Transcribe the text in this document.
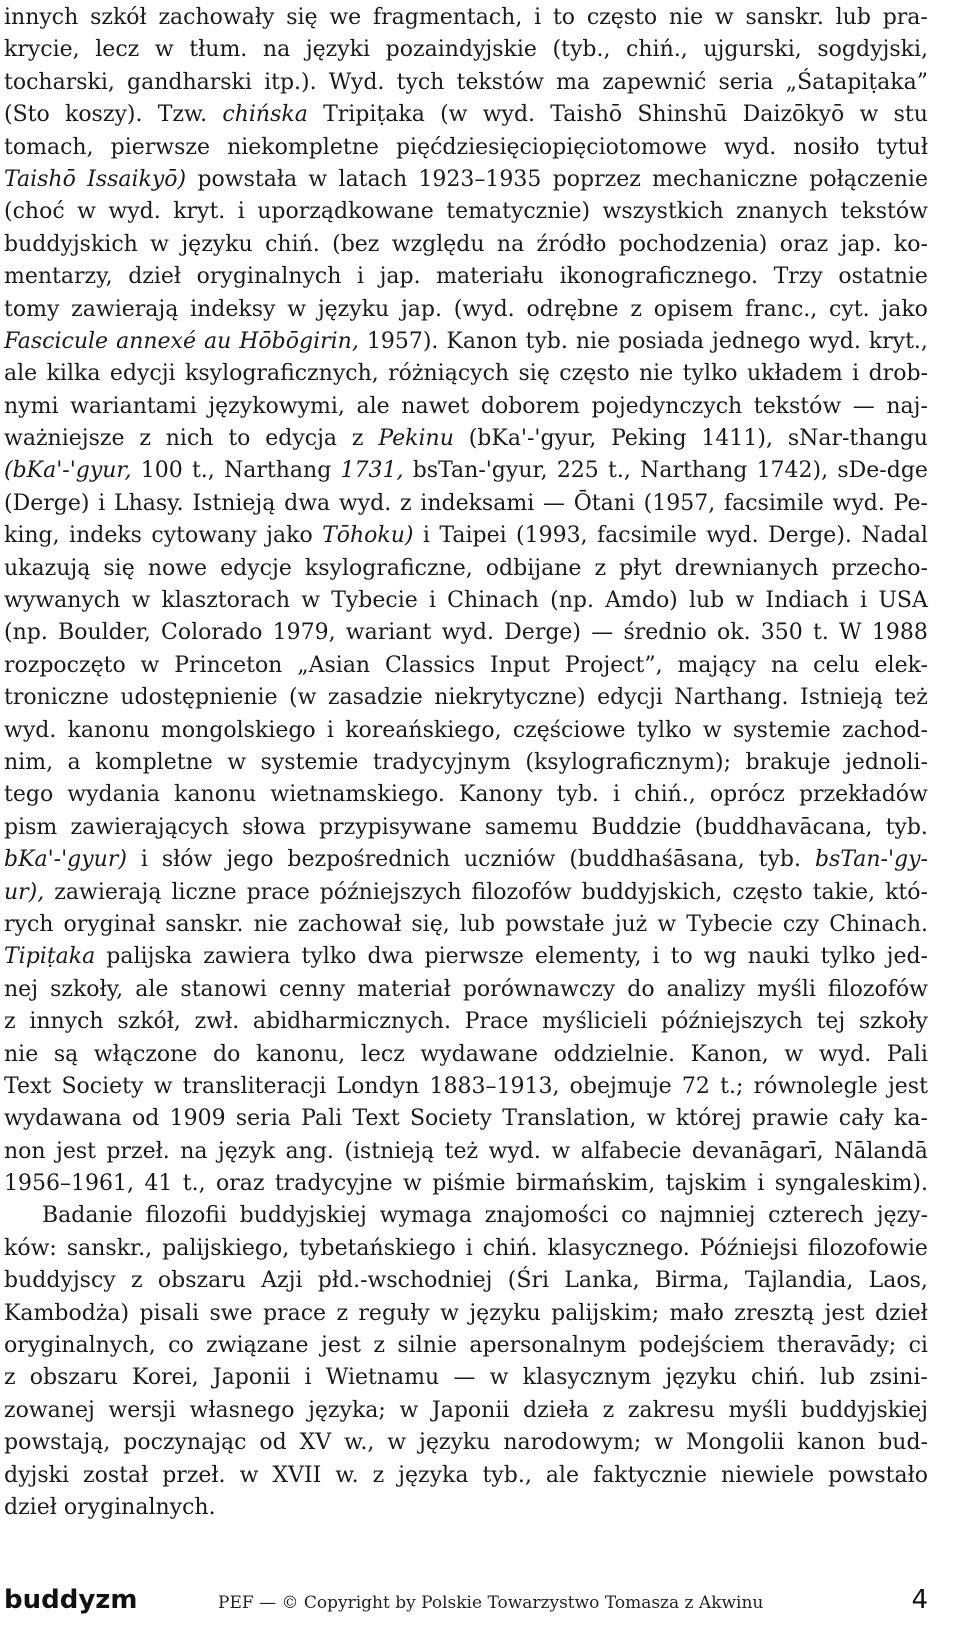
innych szkół zachowały się we fragmentach, i to często nie w sanskr. lub pra-
krycie, lecz w tłum. na języki pozaindyjskie (tyb., chiń., ujgurski, sogdyjski,
tocharski, gandharski itp.). Wyd. tych tekstów ma zapewnić seria „Śatapiṭaka”
(Sto koszy). Tzw. chińska Tripiṭaka (w wyd. Taishō Shinshū Daizōkyō w stu
tomach, pierwsze niekompletne pięćdziesięciopięciotomowe wyd. nosiło tytuł
Taishō Issaikyō) powstała w latach 1923–1935 poprzez mechaniczne połączenie
(choć w wyd. kryt. i uporządkowane tematycznie) wszystkich znanych tekstów
buddyjskich w języku chiń. (bez względu na źródło pochodzenia) oraz jap. ko-
mentarzy, dzieł oryginalnych i jap. materiału ikonograficznego. Trzy ostatnie
tomy zawierają indeksy w języku jap. (wyd. odrębne z opisem franc., cyt. jako
Fascicule annexé au Hōbōgirin, 1957). Kanon tyb. nie posiada jednego wyd. kryt.,
ale kilka edycji ksylograficznych, różniących się często nie tylko układem i drob-
nymi wariantami językowymi, ale nawet doborem pojedynczych tekstów — naj-
ważniejsze z nich to edycja z Pekinu (bKa'-'gyur, Peking 1411), sNar-thangu
(bKa'-'gyur, 100 t., Narthang 1731, bsTan-'gyur, 225 t., Narthang 1742), sDe-dge
(Derge) i Lhasy. Istnieją dwa wyd. z indeksami — Ōtani (1957, facsimile wyd. Pe-
king, indeks cytowany jako Tōhoku) i Taipei (1993, facsimile wyd. Derge). Nadal
ukazują się nowe edycje ksylograficzne, odbijane z płyt drewnianych przecho-
wywanych w klasztorach w Tybecie i Chinach (np. Amdo) lub w Indiach i USA
(np. Boulder, Colorado 1979, wariant wyd. Derge) — średnio ok. 350 t. W 1988
rozpoczęto w Princeton „Asian Classics Input Project”, mający na celu elek-
troniczne udostępnienie (w zasadzie niekrytyczne) edycji Narthang. Istnieją też
wyd. kanonu mongolskiego i koreańskiego, częściowe tylko w systemie zachod-
nim, a kompletne w systemie tradycyjnym (ksylograficznym); brakuje jednoli-
tego wydania kanonu wietnamskiego. Kanony tyb. i chiń., oprócz przekładów
pism zawierających słowa przypisywane samemu Buddzie (buddhavācana, tyb.
bKa'-'gyur) i słów jego bezpośrednich uczniów (buddhaśāsana, tyb. bsTan-'gy-
ur), zawierają liczne prace późniejszych filozofów buddyjskich, często takie, któ-
rych oryginał sanskr. nie zachował się, lub powstałe już w Tybecie czy Chinach.
Tipiṭaka palijska zawiera tylko dwa pierwsze elementy, i to wg nauki tylko jed-
nej szkoły, ale stanowi cenny materiał porównawczy do analizy myśli filozofów
z innych szkół, zwł. abidharmicznych. Prace myślicieli późniejszych tej szkoły
nie są włączone do kanonu, lecz wydawane oddzielnie. Kanon, w wyd. Pali
Text Society w transliteracji Londyn 1883–1913, obejmuje 72 t.; równolegle jest
wydawana od 1909 seria Pali Text Society Translation, w której prawie cały ka-
non jest przeł. na język ang. (istnieją też wyd. w alfabecie devanāgarī, Nālandā
1956–1961, 41 t., oraz tradycyjne w piśmie birmańskim, tajskim i syngaleskim).
Badanie filozofii buddyjskiej wymaga znajomości co najmniej czterech języ-
ków: sanskr., palijskiego, tybetańskiego i chiń. klasycznego. Późniejsi filozofowie
buddyjscy z obszaru Azji płd.-wschodniej (Śri Lanka, Birma, Tajlandia, Laos,
Kambodża) pisali swe prace z reguły w języku palijskim; mało zresztą jest dzieł
oryginalnych, co związane jest z silnie apersonalnym podejściem theravādy; ci
z obszaru Korei, Japonii i Wietnamu — w klasycznym języku chiń. lub zsini-
zowanej wersji własnego języka; w Japonii dzieła z zakresu myśli buddyjskiej
powstają, poczynając od XV w., w języku narodowym; w Mongolii kanon bud-
dyjski został przeł. w XVII w. z języka tyb., ale faktycznie niewiele powstało
dzieł oryginalnych.
buddyzm	PEF — © Copyright by Polskie Towarzystwo Tomasza z Akwinu	4
